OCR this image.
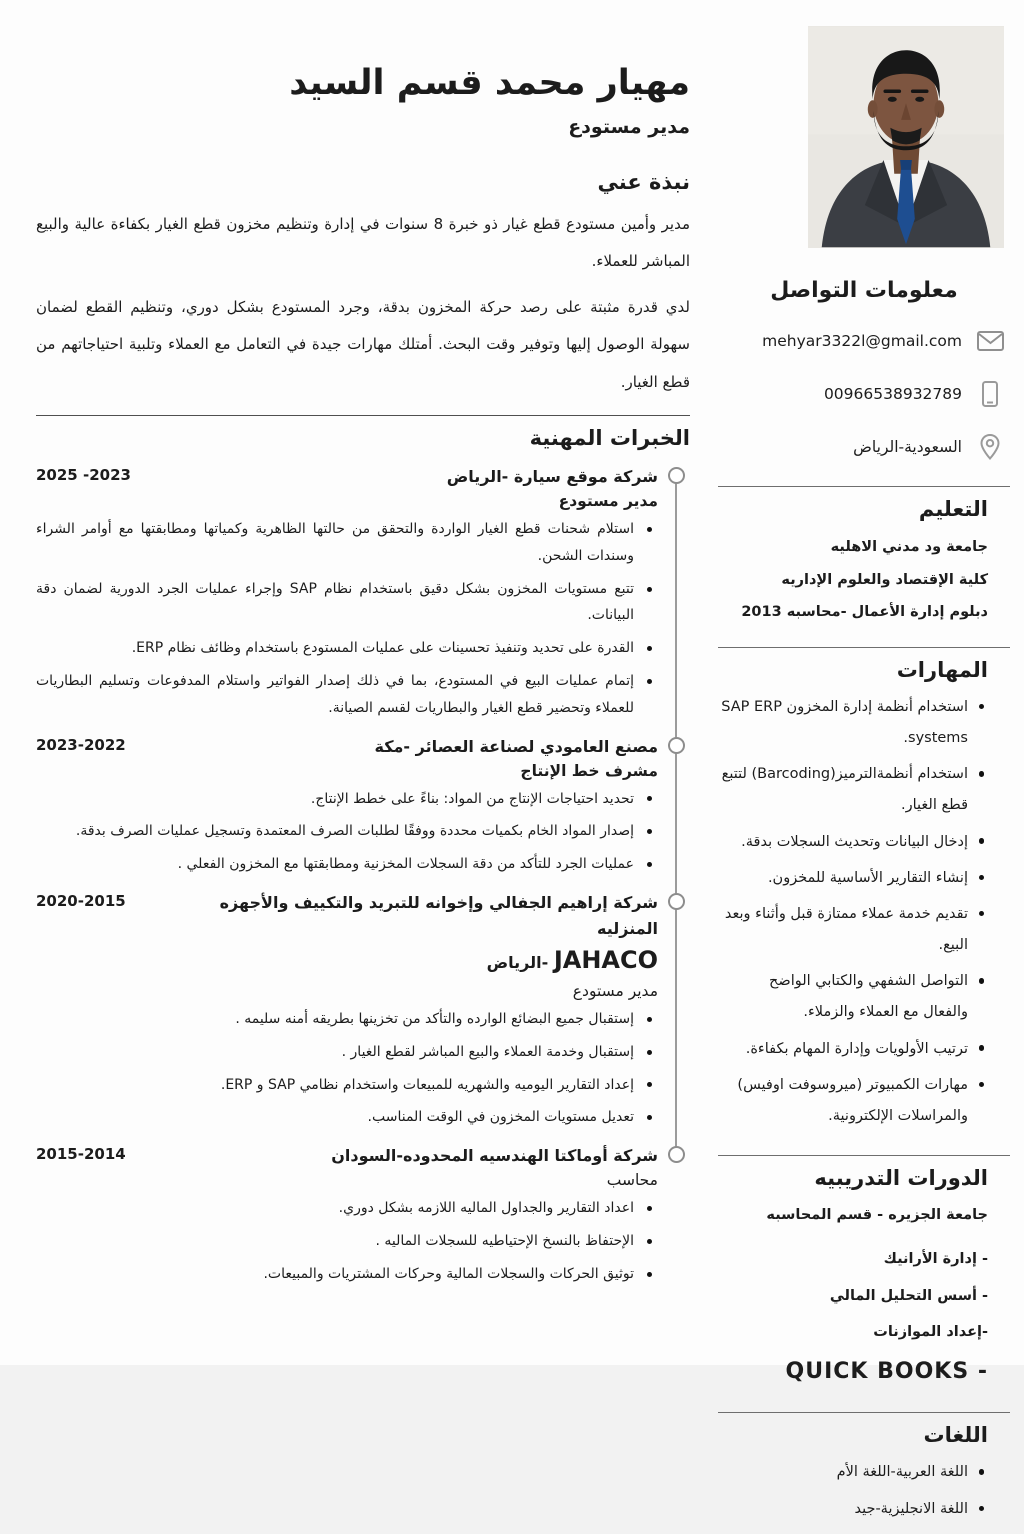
معلومات التواصل
mehyar3322l@gmail.com
00966538932789
السعودية-الرياض
التعليم
جامعة ود مدني الاهليه
كلية الإقتصاد والعلوم الإداريه
دبلوم إدارة الأعمال -محاسبه 2013
المهارات
استخدام أنظمة إدارة المخزون SAP ERP systems.
استخدام أنظمةالترميز(Barcoding) لتتبع قطع الغيار.
إدخال البيانات وتحديث السجلات بدقة.
إنشاء التقارير الأساسية للمخزون.
تقديم خدمة عملاء ممتازة قبل وأثناء وبعد البيع.
التواصل الشفهي والكتابي الواضح والفعال مع العملاء والزملاء.
ترتيب الأولويات وإدارة المهام بكفاءة.
مهارات الكمبيوتر (ميروسوفت اوفيس) والمراسلات الإلكترونية.
الدورات التدريبيه
جامعة الجزيره - قسم المحاسبه
- إدارة الأرانيك
- أسس التحليل المالي
-إعداد الموازنات
- QUICK BOOKS
اللغات
اللغة العربية-اللغة الأم
اللغة الانجليزية-جيد
مهيار محمد قسم السيد
مدير مستودع
نبذة عني

مدير وأمين مستودع قطع غيار ذو خبرة 8 سنوات في إدارة وتنظيم مخزون قطع الغيار بكفاءة عالية والبيع المباشر للعملاء.

لدي قدرة مثبتة على رصد حركة المخزون بدقة، وجرد المستودع بشكل دوري، وتنظيم القطع لضمان سهولة الوصول إليها وتوفير وقت البحث. أمتلك مهارات جيدة في التعامل مع العملاء وتلبية احتياجاتهم من قطع الغيار.

الخبرات المهنية
شركة موقع سيارة -الرياض
2025 -2023
مدير مستودع
استلام شحنات قطع الغيار الواردة والتحقق من حالتها الظاهرية وكمياتها ومطابقتها مع أوامر الشراء وسندات الشحن.
تتبع مستويات المخزون بشكل دقيق باستخدام نظام SAP وإجراء عمليات الجرد الدورية لضمان دقة البيانات.
القدرة على تحديد وتنفيذ تحسينات على عمليات المستودع باستخدام وظائف نظام ERP.
إتمام عمليات البيع في المستودع، بما في ذلك إصدار الفواتير واستلام المدفوعات وتسليم البطاريات للعملاء وتحضير قطع الغيار والبطاريات لقسم الصيانة.
مصنع العامودي لصناعة العصائر -مكة
2023-2022
مشرف خط الإنتاج
تحديد احتياجات الإنتاج من المواد: بناءً على خطط الإنتاج.
إصدار المواد الخام بكميات محددة ووفقًا لطلبات الصرف المعتمدة وتسجيل عمليات الصرف بدقة.
عمليات الجرد للتأكد من دقة السجلات المخزنية ومطابقتها مع المخزون الفعلي .
شركة إراهيم الجفالي وإخوانه للتبريد والتكييف والأجهزه المنزليه
JAHACO -الرياض
2020-2015
مدير مستودع
إستقبال جميع البضائع الوارده والتأكد من تخزينها بطريقه أمنه سليمه .
إستقبال وخدمة العملاء والبيع المباشر لقطع الغيار .
إعداد التقارير اليوميه والشهريه للمبيعات واستخدام نظامي SAP و ERP.
تعديل مستويات المخزون في الوقت المناسب.
شركة أوماكتا الهندسيه المحدوده-السودان
2015-2014
محاسب
اعداد التقارير والجداول الماليه اللازمه بشكل دوري.
الإحتفاظ بالنسخ الإحتياطيه للسجلات الماليه .
توثيق الحركات والسجلات المالية وحركات المشتريات والمبيعات.
